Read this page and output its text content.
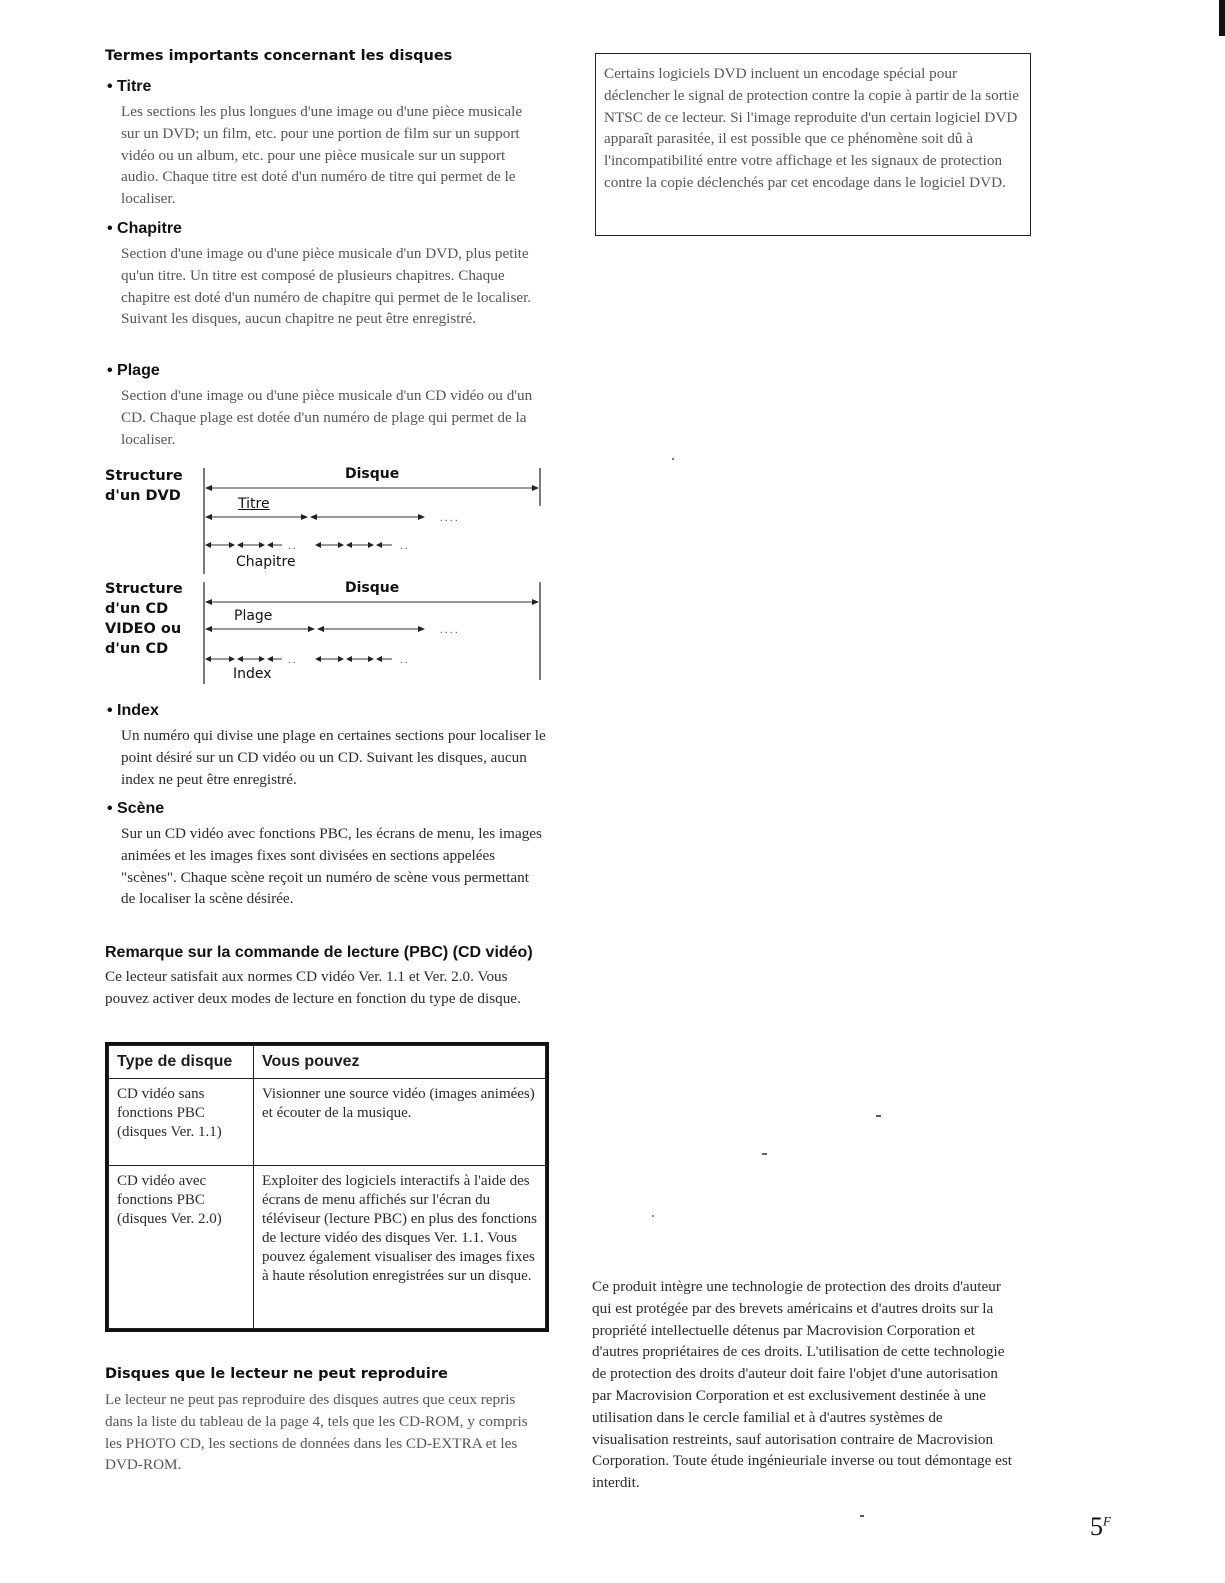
Termes importants concernant les disques
• Titre
Les sections les plus longues d'une image ou d'une pièce musicale sur un DVD; un film, etc. pour une portion de film sur un support vidéo ou un album, etc. pour une pièce musicale sur un support audio. Chaque titre est doté d'un numéro de titre qui permet de le localiser.
• Chapitre
Section d'une image ou d'une pièce musicale d'un DVD, plus petite qu'un titre. Un titre est composé de plusieurs chapitres. Chaque chapitre est doté d'un numéro de chapitre qui permet de le localiser. Suivant les disques, aucun chapitre ne peut être enregistré.
• Plage
Section d'une image ou d'une pièce musicale d'un CD vidéo ou d'un CD. Chaque plage est dotée d'un numéro de plage qui permet de la localiser.
Structure d'un DVD
. . . .
. .	. .
Disque
Titre
Chapitre
Structure d'un CD VIDEO ou d'un CD
. . . .
. .	. .
Disque
Plage
Index
• Index
Un numéro qui divise une plage en certaines sections pour localiser le point désiré sur un CD vidéo ou un CD. Suivant les disques, aucun index ne peut être enregistré.
• Scène
Sur un CD vidéo avec fonctions PBC, les écrans de menu, les images animées et les images fixes sont divisées en sections appelées "scènes". Chaque scène reçoit un numéro de scène vous permettant de localiser la scène désirée.
Remarque sur la commande de lecture (PBC) (CD vidéo)
Ce lecteur satisfait aux normes CD vidéo Ver. 1.1 et Ver. 2.0. Vous pouvez activer deux modes de lecture en fonction du type de disque.
Type de disque	Vous pouvez
CD vidéo sans fonctions PBC (disques Ver. 1.1)	Visionner une source vidéo (images animées) et écouter de la musique.
CD vidéo avec fonctions PBC (disques Ver. 2.0)	Exploiter des logiciels interactifs à l'aide des écrans de menu affichés sur l'écran du téléviseur (lecture PBC) en plus des fonctions de lecture vidéo des disques Ver. 1.1. Vous pouvez également visualiser des images fixes à haute résolution enregistrées sur un disque.
Disques que le lecteur ne peut reproduire
Le lecteur ne peut pas reproduire des disques autres que ceux repris dans la liste du tableau de la page 4, tels que les CD-ROM, y compris les PHOTO CD, les sections de données dans les CD-EXTRA et les DVD-ROM.
Certains logiciels DVD incluent un encodage spécial pour déclencher le signal de protection contre la copie à partir de la sortie NTSC de ce lecteur. Si l'image reproduite d'un certain logiciel DVD apparaît parasitée, il est possible que ce phénomène soit dû à l'incompatibilité entre votre affichage et les signaux de protection contre la copie déclenchés par cet encodage dans le logiciel DVD.
Ce produit intègre une technologie de protection des droits d'auteur qui est protégée par des brevets américains et d'autres droits sur la propriété intellectuelle détenus par Macrovision Corporation et d'autres propriétaires de ces droits. L'utilisation de cette technologie de protection des droits d'auteur doit faire l'objet d'une autorisation par Macrovision Corporation et est exclusivement destinée à une utilisation dans le cercle familial et à d'autres systèmes de visualisation restreints, sauf autorisation contraire de Macrovision Corporation. Toute étude ingénieuriale inverse ou tout démontage est interdit.
$5^F$
